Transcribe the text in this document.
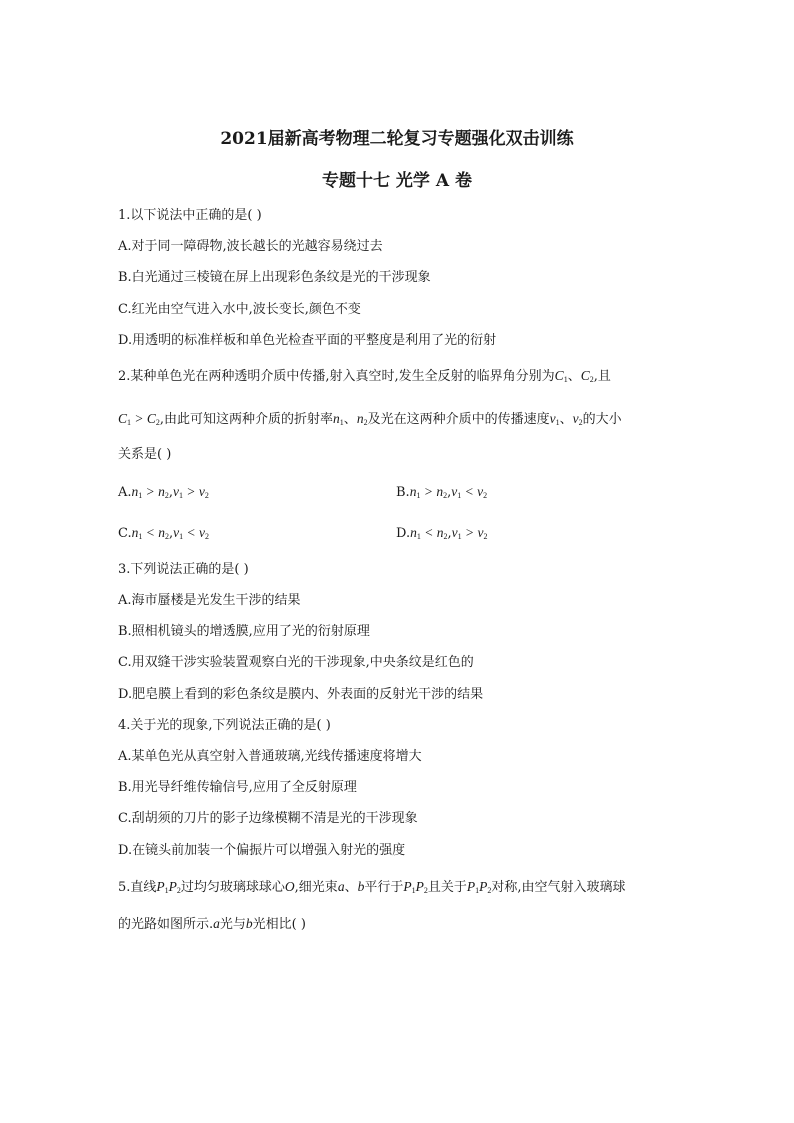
2021届新高考物理二轮复习专题强化双击训练
专题十七 光学 A 卷
1.以下说法中正确的是( )
A.对于同一障碍物,波长越长的光越容易绕过去
B.白光通过三棱镜在屏上出现彩色条纹是光的干涉现象
C.红光由空气进入水中,波长变长,颜色不变
D.用透明的标准样板和单色光检查平面的平整度是利用了光的衍射
2.某种单色光在两种透明介质中传播,射入真空时,发生全反射的临界角分别为$C_1$、$C_2$,且
$C_1 > C_2$,由此可知这两种介质的折射率$n_1$、$n_2$及光在这两种介质中的传播速度$v_1$、$v_2$的大小
关系是( )
$A.n_1 > n_2,v_1 > v_2$	$B.n_1 > n_2,v_1 < v_2$
$C.n_1 < n_2,v_1 < v_2$	$D.n_1 < n_2,v_1 > v_2$
3.下列说法正确的是( )
A.海市蜃楼是光发生干涉的结果
B.照相机镜头的增透膜,应用了光的衍射原理
C.用双缝干涉实验装置观察白光的干涉现象,中央条纹是红色的
D.肥皂膜上看到的彩色条纹是膜内、外表面的反射光干涉的结果
4.关于光的现象,下列说法正确的是( )
A.某单色光从真空射入普通玻璃,光线传播速度将增大
B.用光导纤维传输信号,应用了全反射原理
C.刮胡须的刀片的影子边缘模糊不清是光的干涉现象
D.在镜头前加装一个偏振片可以增强入射光的强度
5.直线$P_1P_2$过均匀玻璃球球心O,细光束a、b平行于$P_1P_2$且关于$P_1P_2$对称,由空气射入玻璃球
的光路如图所示.a光与b光相比( )
